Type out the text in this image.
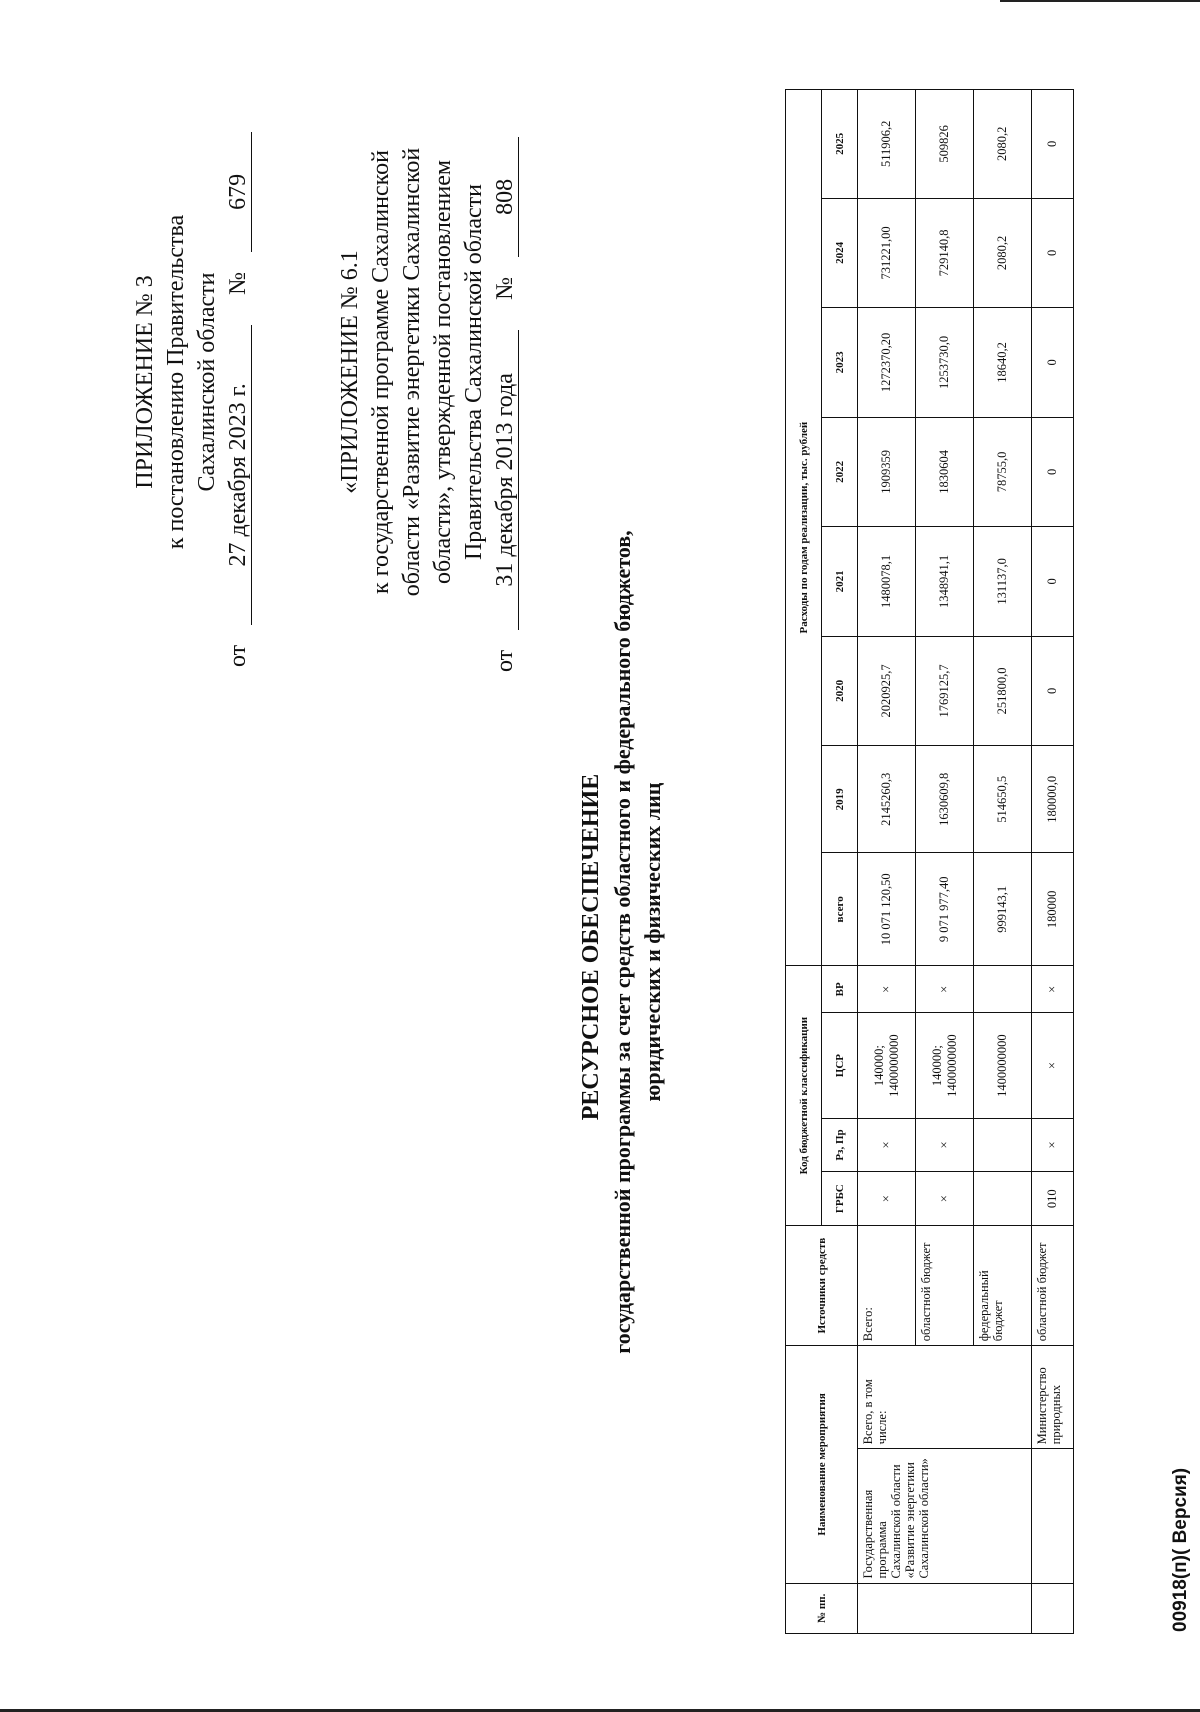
ПРИЛОЖЕНИЕ № 3 к постановлению Правительства Сахалинской области
от 27 декабря 2023 г. № 679
«ПРИЛОЖЕНИЕ № 6.1 к государственной программе Сахалинской области «Развитие энергетики Сахалинской области», утвержденной постановлением Правительства Сахалинской области
от 31 декабря 2013 года № 808
РЕСУРСНОЕ ОБЕСПЕЧЕНИЕ государственной программы за счет средств областного и федерального бюджетов, юридических и физических лиц
№ пп.	Наименование мероприятия		Источники средств	Код бюджетной классификации				Расходы по годам реализации, тыс. рублей							
				ГРБС	Рз, Пр	ЦСР	ВР	всего	2019	2020	2021	2022	2023	2024	2025
	Государственная программа Сахалинской области «Развитие энергетики Сахалинской области»	Всего, в том числе:	Всего:	×	×	140000; 1400000000	×	10 071 120,50	2145260,3	2020925,7	1480078,1	1909359	1272370,20	731221,00	511906,2
			областной бюджет	×	×	140000; 1400000000	×	9 071 977,40	1630609,8	1769125,7	1348941,1	1830604	1253730,0	729140,8	509826
			федеральный бюджет			1400000000		999143,1	514650,5	251800,0	131137,0	78755,0	18640,2	2080,2	2080,2
		Министерство природных	областной бюджет	010	×	×	×	180000	180000,0	0	0	0	0	0	0
00918(п)( Версия)
